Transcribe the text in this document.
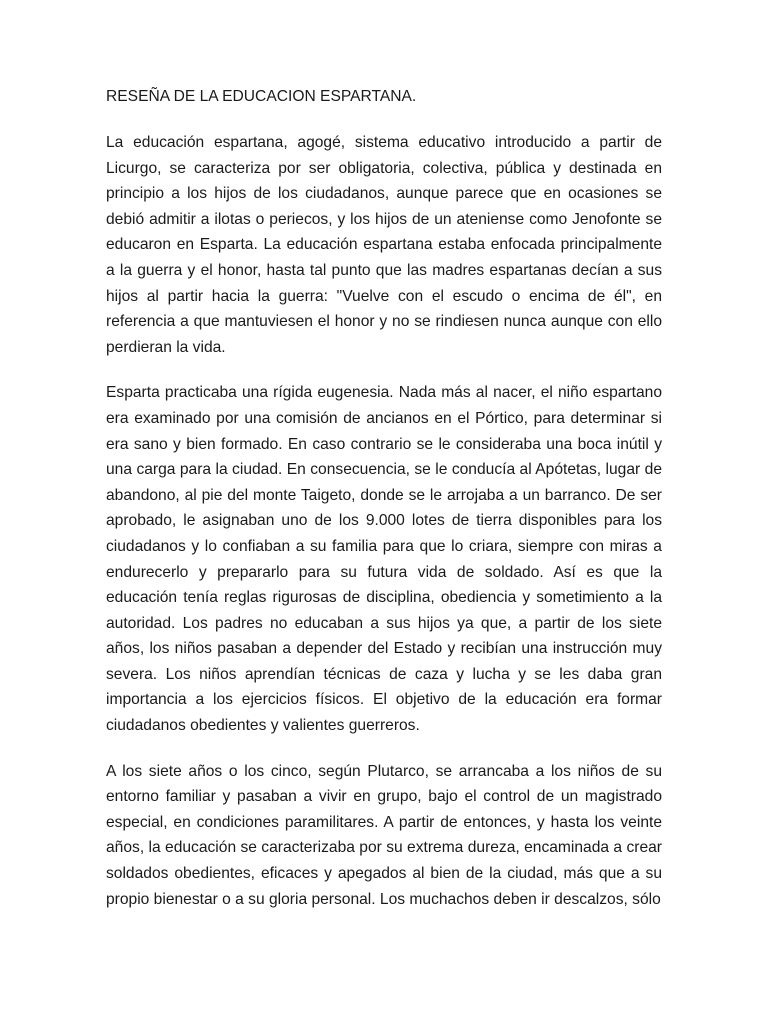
RESEÑA DE LA EDUCACION ESPARTANA.

La educación espartana, agogé, sistema educativo introducido a partir de Licurgo, se caracteriza por ser obligatoria, colectiva, pública y destinada en principio a los hijos de los ciudadanos, aunque parece que en ocasiones se debió admitir a ilotas o periecos, y los hijos de un ateniense como Jenofonte se educaron en Esparta. La educación espartana estaba enfocada principalmente a la guerra y el honor, hasta tal punto que las madres espartanas decían a sus hijos al partir hacia la guerra: "Vuelve con el escudo o encima de él", en referencia a que mantuviesen el honor y no se rindiesen nunca aunque con ello perdieran la vida.

Esparta practicaba una rígida eugenesia. Nada más al nacer, el niño espartano era examinado por una comisión de ancianos en el Pórtico, para determinar si era sano y bien formado. En caso contrario se le consideraba una boca inútil y una carga para la ciudad. En consecuencia, se le conducía al Apótetas, lugar de abandono, al pie del monte Taigeto, donde se le arrojaba a un barranco. De ser aprobado, le asignaban uno de los 9.000 lotes de tierra disponibles para los ciudadanos y lo confiaban a su familia para que lo criara, siempre con miras a endurecerlo y prepararlo para su futura vida de soldado. Así es que la educación tenía reglas rigurosas de disciplina, obediencia y sometimiento a la autoridad. Los padres no educaban a sus hijos ya que, a partir de los siete años, los niños pasaban a depender del Estado y recibían una instrucción muy severa. Los niños aprendían técnicas de caza y lucha y se les daba gran importancia a los ejercicios físicos. El objetivo de la educación era formar ciudadanos obedientes y valientes guerreros.

A los siete años o los cinco, según Plutarco, se arrancaba a los niños de su entorno familiar y pasaban a vivir en grupo, bajo el control de un magistrado especial, en condiciones paramilitares. A partir de entonces, y hasta los veinte años, la educación se caracterizaba por su extrema dureza, encaminada a crear soldados obedientes, eficaces y apegados al bien de la ciudad, más que a su propio bienestar o a su gloria personal. Los muchachos deben ir descalzos, sólo
